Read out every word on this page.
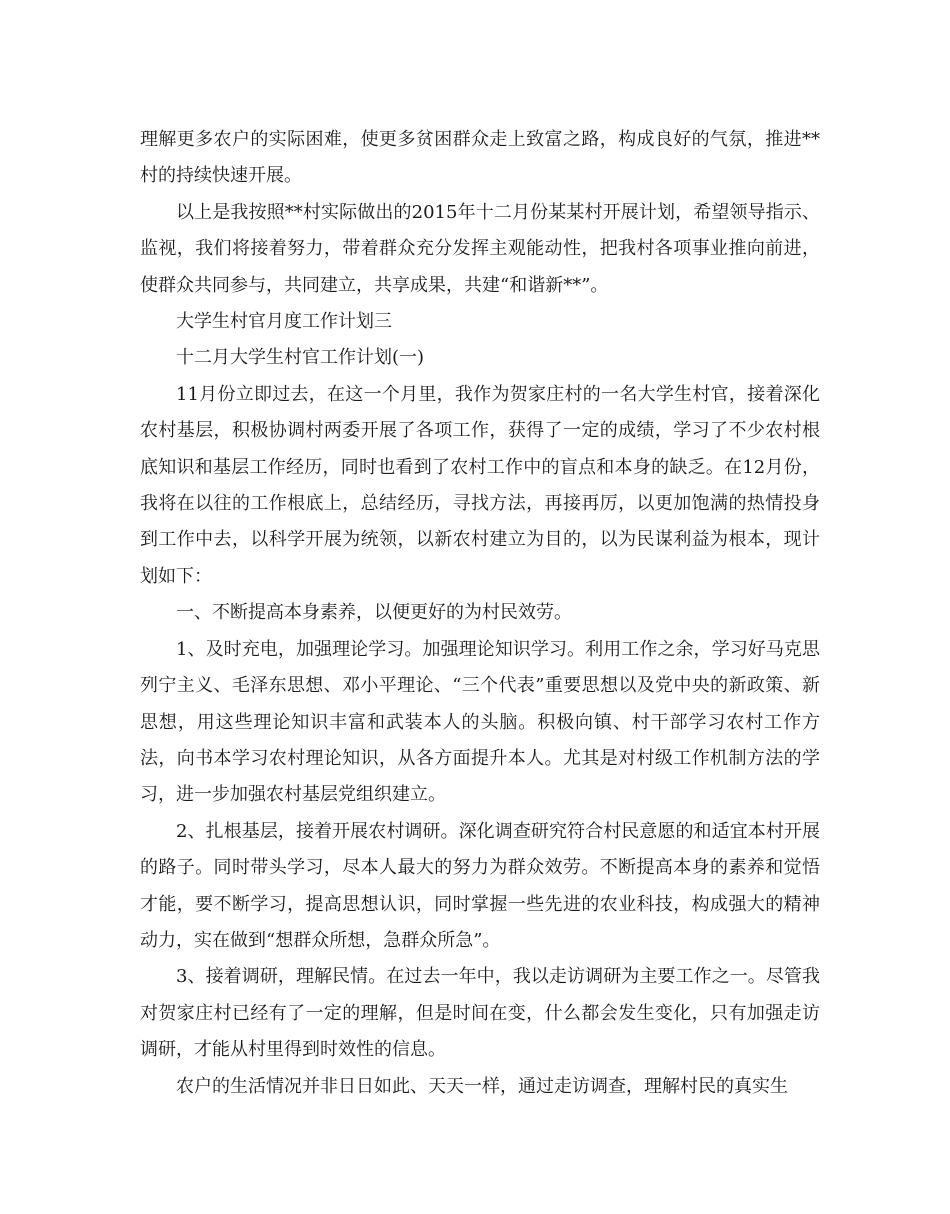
理解更多农户的实际困难，使更多贫困群众走上致富之路，构成良好的气氛，推进**村的持续快速开展。

以上是我按照**村实际做出的2015年十二月份某某村开展计划，希望领导指示、监视，我们将接着努力，带着群众充分发挥主观能动性，把我村各项事业推向前进，使群众共同参与，共同建立，共享成果，共建“和谐新**”。

大学生村官月度工作计划三

十二月大学生村官工作计划(一)

11月份立即过去，在这一个月里，我作为贺家庄村的一名大学生村官，接着深化农村基层，积极协调村两委开展了各项工作，获得了一定的成绩，学习了不少农村根底知识和基层工作经历，同时也看到了农村工作中的盲点和本身的缺乏。在12月份，我将在以往的工作根底上，总结经历，寻找方法，再接再厉，以更加饱满的热情投身到工作中去，以科学开展为统领，以新农村建立为目的，以为民谋利益为根本，现计划如下：

一、不断提高本身素养，以便更好的为村民效劳。

1、及时充电，加强理论学习。加强理论知识学习。利用工作之余，学习好马克思列宁主义、毛泽东思想、邓小平理论、“三个代表”重要思想以及党中央的新政策、新思想，用这些理论知识丰富和武装本人的头脑。积极向镇、村干部学习农村工作方法，向书本学习农村理论知识，从各方面提升本人。尤其是对村级工作机制方法的学习，进一步加强农村基层党组织建立。

2、扎根基层，接着开展农村调研。深化调查研究符合村民意愿的和适宜本村开展的路子。同时带头学习，尽本人最大的努力为群众效劳。不断提高本身的素养和觉悟才能，要不断学习，提高思想认识，同时掌握一些先进的农业科技，构成强大的精神动力，实在做到“想群众所想，急群众所急”。

3、接着调研，理解民情。在过去一年中，我以走访调研为主要工作之一。尽管我对贺家庄村已经有了一定的理解，但是时间在变，什么都会发生变化，只有加强走访调研，才能从村里得到时效性的信息。

农户的生活情况并非日日如此、天天一样，通过走访调查，理解村民的真实生
